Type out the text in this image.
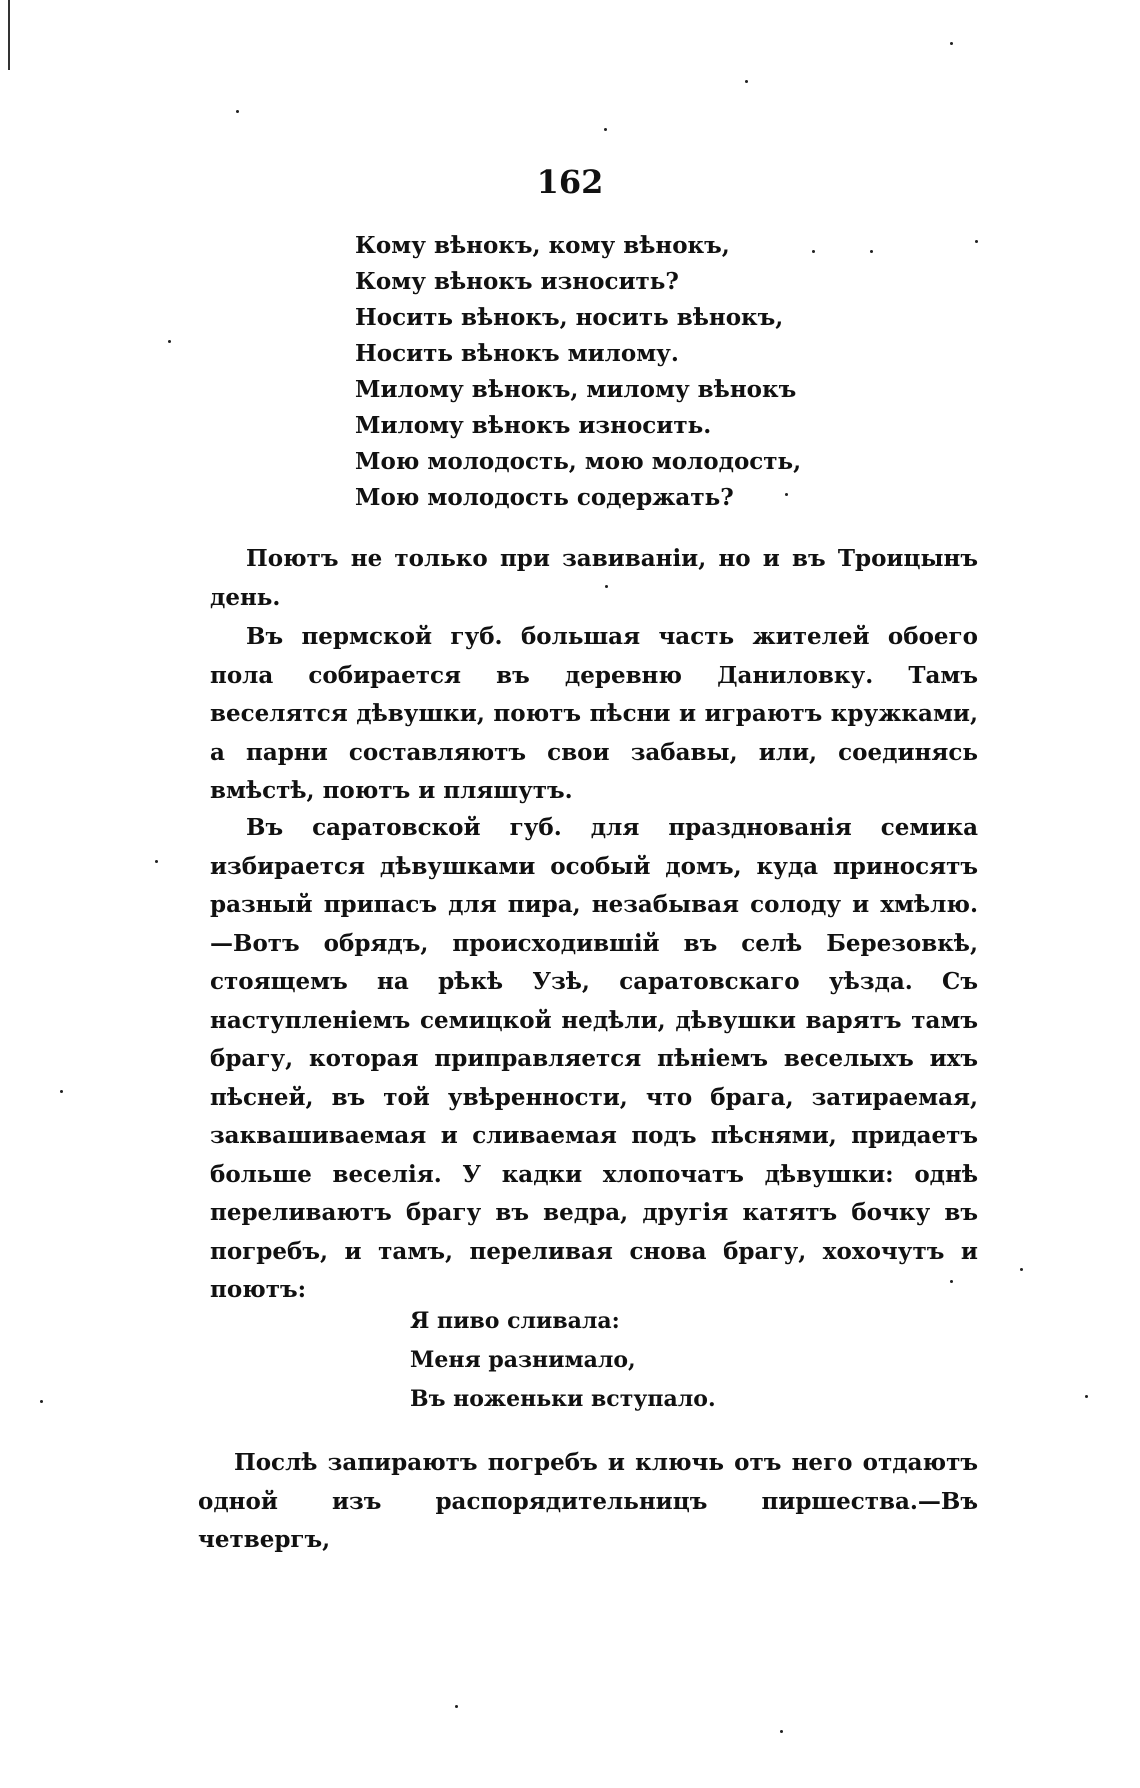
162
Кому вѣнокъ, кому вѣнокъ,
Кому вѣнокъ износить?
Носить вѣнокъ, носить вѣнокъ,
Носить вѣнокъ милому.
Милому вѣнокъ, милому вѣнокъ
Милому вѣнокъ износить.
Мою молодость, мою молодость,
Мою молодость содержать?

Поютъ не только при завиваніи, но и въ Троицынъ день.

Въ пермской губ. большая часть жителей обоего пола собирается въ деревню Даниловку. Тамъ веселятся дѣвушки, поютъ пѣсни и играютъ кружками, а парни составляютъ свои забавы, или, соединясь вмѣстѣ, поютъ и пляшутъ.

Въ саратовской губ. для празднованія семика избирается дѣвушками особый домъ, куда приносятъ разный припасъ для пира, незабывая солоду и хмѣлю.—Вотъ обрядъ, происходившій въ селѣ Березовкѣ, стоящемъ на рѣкѣ Узѣ, саратовскаго уѣзда. Съ наступленіемъ семицкой недѣли, дѣвушки варятъ тамъ брагу, которая приправляется пѣніемъ веселыхъ ихъ пѣсней, въ той увѣренности, что брага, затираемая, заквашиваемая и сливаемая подъ пѣснями, придаетъ больше веселія. У кадки хлопочатъ дѣвушки: однѣ переливаютъ брагу въ ведра, другія катятъ бочку въ погребъ, и тамъ, переливая снова брагу, хохочутъ и поютъ:

Я пиво сливала:
Меня разнимало,
Въ ноженьки вступало.

Послѣ запираютъ погребъ и ключь отъ него отдаютъ одной изъ распорядительницъ пиршества.—Въ четвергъ,
